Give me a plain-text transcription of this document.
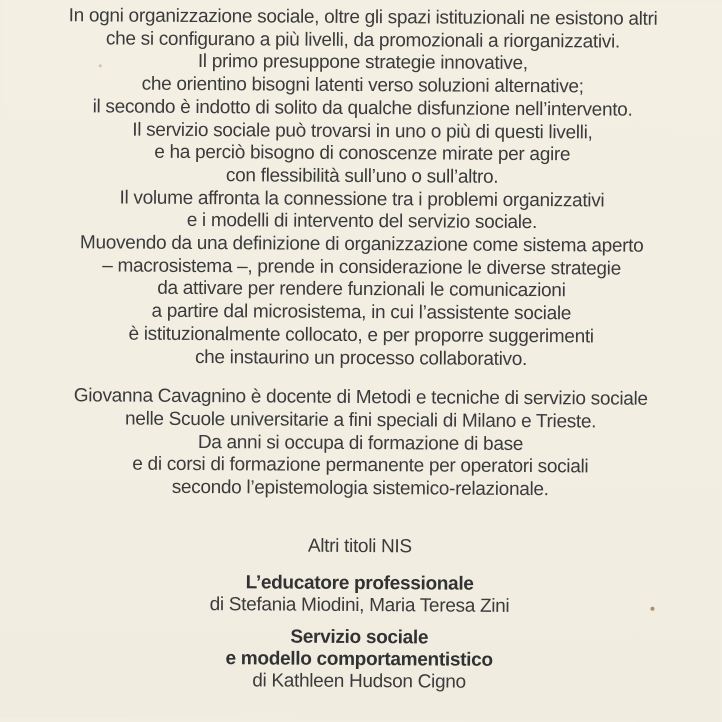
In ogni organizzazione sociale, oltre gli spazi istituzionali ne esistono altri
che si configurano a più livelli, da promozionali a riorganizzativi.
Il primo presuppone strategie innovative,
che orientino bisogni latenti verso soluzioni alternative;
il secondo è indotto di solito da qualche disfunzione nell’intervento.
Il servizio sociale può trovarsi in uno o più di questi livelli,
e ha perciò bisogno di conoscenze mirate per agire
con flessibilità sull’uno o sull’altro.
Il volume affronta la connessione tra i problemi organizzativi
e i modelli di intervento del servizio sociale.
Muovendo da una definizione di organizzazione come sistema aperto
– macrosistema –, prende in considerazione le diverse strategie
da attivare per rendere funzionali le comunicazioni
a partire dal microsistema, in cui l’assistente sociale
è istituzionalmente collocato, e per proporre suggerimenti
che instaurino un processo collaborativo.
Giovanna Cavagnino è docente di Metodi e tecniche di servizio sociale
nelle Scuole universitarie a fini speciali di Milano e Trieste.
Da anni si occupa di formazione di base
e di corsi di formazione permanente per operatori sociali
secondo l’epistemologia sistemico-relazionale.
Altri titoli NIS
L’educatore professionale
di Stefania Miodini, Maria Teresa Zini
Servizio sociale
e modello comportamentistico
di Kathleen Hudson Cigno
